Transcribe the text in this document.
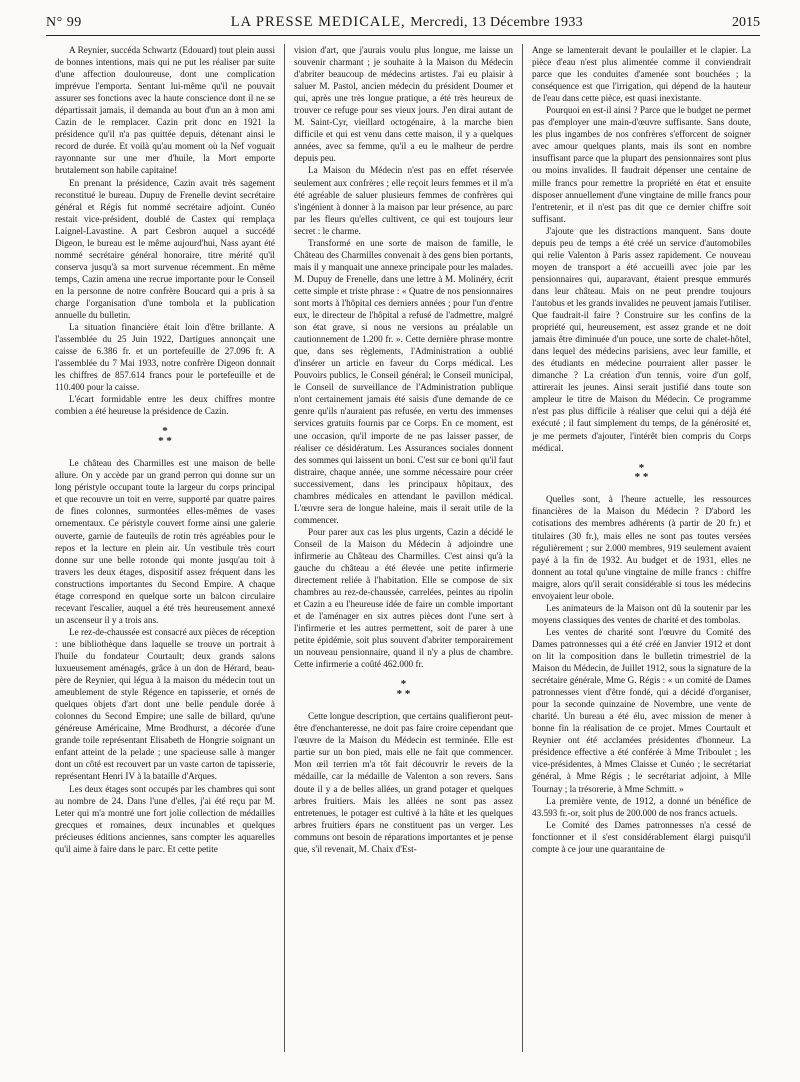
N° 99	LA PRESSE MEDICALE, Mercredi, 13 Décembre 1933	2015

A Reynier, succéda Schwartz (Edouard) tout plein aussi de bonnes intentions, mais qui ne put les réaliser par suite d'une affection douloureuse, dont une complication imprévue l'emporta. Sentant lui-même qu'il ne pouvait assurer ses fonctions avec la haute conscience dont il ne se départissait jamais, il demanda au bout d'un an à mon ami Cazin de le remplacer. Cazin prit donc en 1921 la présidence qu'il n'a pas quittée depuis, détenant ainsi le record de durée. Et voilà qu'au moment où la Nef voguait rayonnante sur une mer d'huile, la Mort emporte brutalement son habile capitaine!

En prenant la présidence, Cazin avait très sagement reconstitué le bureau. Dupuy de Frenelle devint secrétaire général et Régis fut nommé secrétaire adjoint. Cunéo restait vice-président, doublé de Castex qui remplaça Laignel-Lavastine. A part Cesbron auquel a succédé Digeon, le bureau est le même aujourd'hui, Nass ayant été nommé secrétaire général honoraire, titre mérité qu'il conserva jusqu'à sa mort survenue récemment. En même temps, Cazin amena une recrue importante pour le Conseil en la personne de notre confrère Boucard qui a pris à sa charge l'organisation d'une tombola et la publication annuelle du bulletin.

La situation financière était loin d'être brillante. A l'assemblée du 25 Juin 1922, Dartigues annonçait une caisse de 6.386 fr. et un portefeuille de 27.096 fr. A l'assemblée du 7 Mai 1933, notre confrère Digeon donnait les chiffres de 857.614 francs pour le portefeuille et de 110.400 pour la caisse.

L'écart formidable entre les deux chiffres montre combien a été heureuse la présidence de Cazin.

*
* *

Le château des Charmilles est une maison de belle allure. On y accède par un grand perron qui donne sur un long péristyle occupant toute la largeur du corps principal et que recouvre un toit en verre, supporté par quatre paires de fines colonnes, surmontées elles-mêmes de vases ornementaux. Ce péristyle couvert forme ainsi une galerie ouverte, garnie de fauteuils de rotin très agréables pour le repos et la lecture en plein air. Un vestibule très court donne sur une belle rotonde qui monte jusqu'au toit à travers les deux étages, dispositif assez fréquent dans les constructions importantes du Second Empire. A chaque étage correspond en quelque sorte un balcon circulaire recevant l'escalier, auquel a été très heureusement annexé un ascenseur il y a trois ans.

Le rez-de-chaussée est consacré aux pièces de réception : une bibliothèque dans laquelle se trouve un portrait à l'huile du fondateur Courtault; deux grands salons luxueusement aménagés, grâce à un don de Hérard, beau-père de Reynier, qui légua à la maison du médecin tout un ameublement de style Régence en tapisserie, et ornés de quelques objets d'art dont une belle pendule dorée à colonnes du Second Empire; une salle de billard, qu'une généreuse Américaine, Mme Brodhurst, a décorée d'une grande toile représentant Elisabeth de Hongrie soignant un enfant atteint de la pelade ; une spacieuse salle à manger dont un côté est recouvert par un vaste carton de tapisserie, représentant Henri IV à la bataille d'Arques.

Les deux étages sont occupés par les chambres qui sont au nombre de 24. Dans l'une d'elles, j'ai été reçu par M. Leter qui m'a montré une fort jolie collection de médailles grecques et romaines, deux incunables et quelques précieuses éditions anciennes, sans compter les aquarelles qu'il aime à faire dans le parc. Et cette petite

vision d'art, que j'aurais voulu plus longue, me laisse un souvenir charmant ; je souhaite à la Maison du Médecin d'abriter beaucoup de médecins artistes. J'ai eu plaisir à saluer M. Pastol, ancien médecin du président Doumer et qui, après une très longue pratique, a été très heureux de trouver ce refuge pour ses vieux jours. J'en dirai autant de M. Saint-Cyr, vieillard octogénaire, à la marche bien difficile et qui est venu dans cette maison, il y a quelques années, avec sa femme, qu'il a eu le malheur de perdre depuis peu.

La Maison du Médecin n'est pas en effet réservée seulement aux confrères ; elle reçoit leurs femmes et il m'a été agréable de saluer plusieurs femmes de confrères qui s'ingénient à donner à la maison par leur présence, au parc par les fleurs qu'elles cultivent, ce qui est toujours leur secret : le charme.

Transformé en une sorte de maison de famille, le Château des Charmilles convenait à des gens bien portants, mais il y manquait une annexe principale pour les malades. M. Dupuy de Frenelle, dans une lettre à M. Molinéry, écrit cette simple et triste phrase : « Quatre de nos pensionnaires sont morts à l'hôpital ces derniers années ; pour l'un d'entre eux, le directeur de l'hôpital a refusé de l'admettre, malgré son état grave, si nous ne versions au préalable un cautionnement de 1.200 fr. ». Cette dernière phrase montre que, dans ses règlements, l'Administration a oublié d'insérer un article en faveur du Corps médical. Les Pouvoirs publics, le Conseil général; le Conseil municipal, le Conseil de surveillance de l'Administration publique n'ont certainement jamais été saisis d'une demande de ce genre qu'ils n'auraient pas refusée, en vertu des immenses services gratuits fournis par ce Corps. En ce moment, est une occasion, qu'il importe de ne pas laisser passer, de réaliser ce désidératum. Les Assurances sociales donnent des sommes qui laissent un boni. C'est sur ce boni qu'il faut distraire, chaque année, une somme nécessaire pour créer successivement, dans les principaux hôpitaux, des chambres médicales en attendant le pavillon médical. L'œuvre sera de longue haleine, mais il serait utile de la commencer.

Pour parer aux cas les plus urgents, Cazin a décidé le Conseil de la Maison du Médecin à adjoindre une infirmerie au Château des Charmilles. C'est ainsi qu'à la gauche du château a été élevée une petite infirmerie directement reliée à l'habitation. Elle se compose de six chambres au rez-de-chaussée, carrelées, peintes au ripolin et Cazin a eu l'heureuse idée de faire un comble important et de l'aménager en six autres pièces dont l'une sert à l'infirmerie et les autres permettent, soit de parer à une petite épidémie, soit plus souvent d'abriter temporairement un nouveau pensionnaire, quand il n'y a plus de chambre. Cette infirmerie a coûté 462.000 fr.

*
* *

Cette longue description, que certains qualifieront peut-être d'enchanteresse, ne doit pas faire croire cependant que l'œuvre de la Maison du Médecin est terminée. Elle est partie sur un bon pied, mais elle ne fait que commencer. Mon œil terrien m'a tôt fait découvrir le revers de la médaille, car la médaille de Valenton a son revers. Sans doute il y a de belles allées, un grand potager et quelques arbres fruitiers. Mais les allées ne sont pas assez entretenues, le potager est cultivé à la hâte et les quelques arbres fruitiers épars ne constituent pas un verger. Les communs ont besoin de réparations importantes et je pense que, s'il revenait, M. Chaix d'Est-

Ange se lamenterait devant le poulailler et le clapier. La pièce d'eau n'est plus alimentée comme il conviendrait parce que les conduites d'amenée sont bouchées ; la conséquence est que l'irrigation, qui dépend de la hauteur de l'eau dans cette pièce, est quasi inexistante.

Pourquoi en est-il ainsi ? Parce que le budget ne permet pas d'employer une main-d'œuvre suffisante. Sans doute, les plus ingambes de nos confrères s'efforcent de soigner avec amour quelques plants, mais ils sont en nombre insuffisant parce que la plupart des pensionnaires sont plus ou moins invalides. Il faudrait dépenser une centaine de mille francs pour remettre la propriété en état et ensuite disposer annuellement d'une vingtaine de mille francs pour l'entretenir, et il n'est pas dit que ce dernier chiffre soit suffisant.

J'ajoute que les distractions manquent. Sans doute depuis peu de temps a été créé un service d'automobiles qui relie Valenton à Paris assez rapidement. Ce nouveau moyen de transport a été accueilli avec joie par les pensionnaires qui, auparavant, étaient presque emmurés dans leur château. Mais on ne peut prendre toujours l'autobus et les grands invalides ne peuvent jamais l'utiliser. Que faudrait-il faire ? Construire sur les confins de la propriété qui, heureusement, est assez grande et ne doit jamais être diminuée d'un pouce, une sorte de chalet-hôtel, dans lequel des médecins parisiens, avec leur famille, et des étudiants en médecine pourraient aller passer le dimanche ? La création d'un tennis, voire d'un golf, attirerait les jeunes. Ainsi serait justifié dans toute son ampleur le titre de Maison du Médecin. Ce programme n'est pas plus difficile à réaliser que celui qui a déjà été exécuté ; il faut simplement du temps, de la générosité et, je me permets d'ajouter, l'intérêt bien compris du Corps médical.

*
* *

Quelles sont, à l'heure actuelle, les ressources financières de la Maison du Médecin ? D'abord les cotisations des membres adhérents (à partir de 20 fr.) et titulaires (30 fr.), mais elles ne sont pas toutes versées régulièrement ; sur 2.000 membres, 919 seulement avaient payé à la fin de 1932. Au budget et de 1931, elles ne donnent au total qu'une vingtaine de mille francs : chiffre maigre, alors qu'il serait considérable si tous les médecins envoyaient leur obole.

Les animateurs de la Maison ont dû la soutenir par les moyens classiques des ventes de charité et des tombolas.

Les ventes de charité sont l'œuvre du Comité des Dames patronnesses qui a été créé en Janvier 1912 et dont on lit la composition dans le bulletin trimestriel de la Maison du Médecin, de Juillet 1912, sous la signature de la secrétaire générale, Mme G. Régis : « un comité de Dames patronnesses vient d'être fondé, qui a décidé d'organiser, pour la seconde quinzaine de Novembre, une vente de charité. Un bureau a été élu, avec mission de mener à bonne fin la réalisation de ce projet. Mmes Courtault et Reynier ont été acclamées présidentes d'honneur. La présidence effective a été conférée à Mme Triboulet ; les vice-présidentes, à Mmes Claisse et Cunéo ; le secrétariat général, à Mme Régis ; le secrétariat adjoint, à Mlle Tournay ; la trésorerie, à Mme Schmitt. »

La première vente, de 1912, a donné un bénéfice de 43.593 fr.-or, soit plus de 200.000 de nos francs actuels.

Le Comité des Dames patronnesses n'a cessé de fonctionner et il s'est considérablement élargi puisqu'il compte à ce jour une quarantaine de
